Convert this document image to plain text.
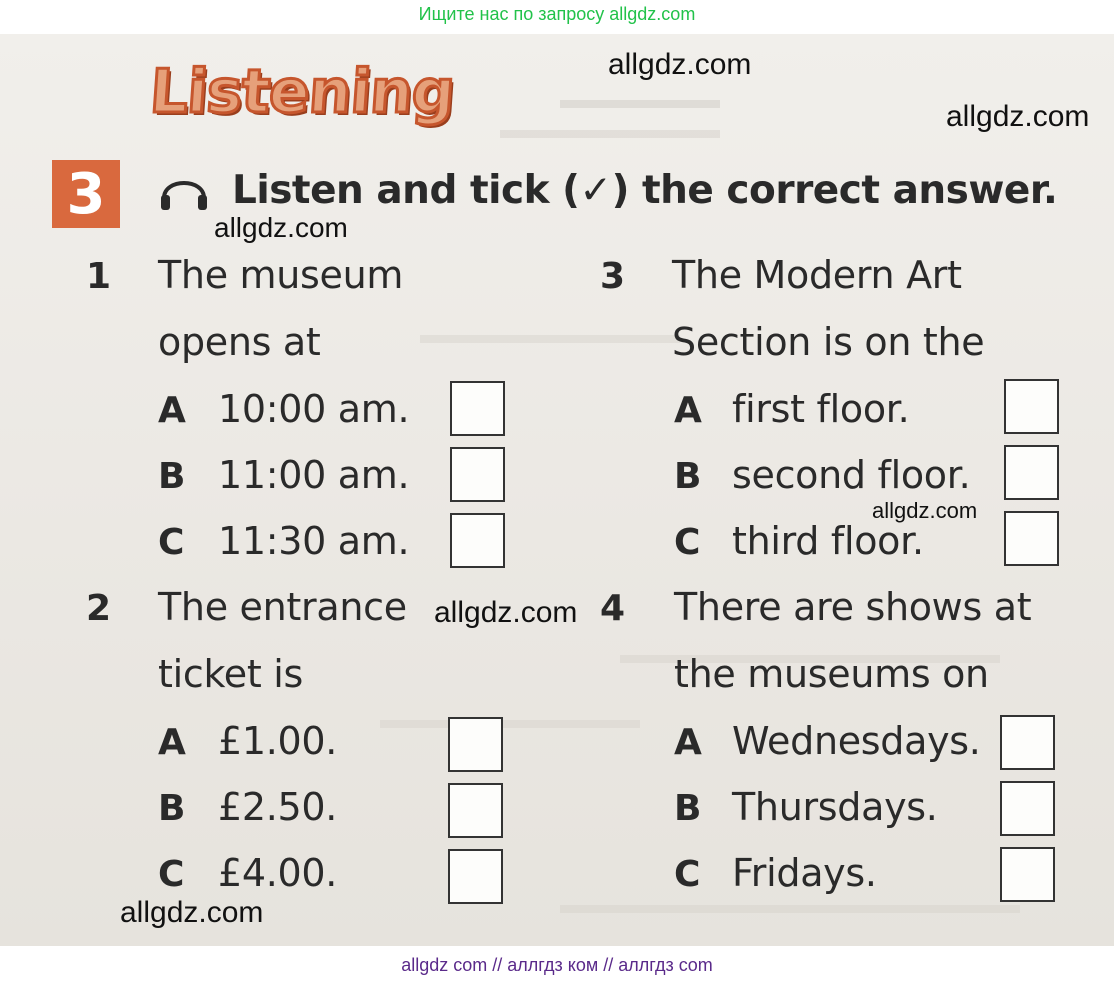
Ищите нас по запросу allgdz.com
Listening	allgdz.com
allgdz.com
allgdz.com
allgdz.com
allgdz.com
allgdz.com
3	Listen and tick (✓) the correct answer.
1 The museum
opens at
A 10:00 am.
B 11:00 am.
C 11:30 am.
2 The entrance
ticket is
A £1.00.
B £2.50.
C £4.00.
3 The Modern Art
Section is on the
A first floor.
B second floor.
C third floor.
4 There are shows at
the museums on
A Wednesdays.
B Thursdays.
C Fridays.
allgdz com // аллгдз ком // аллгдз com
